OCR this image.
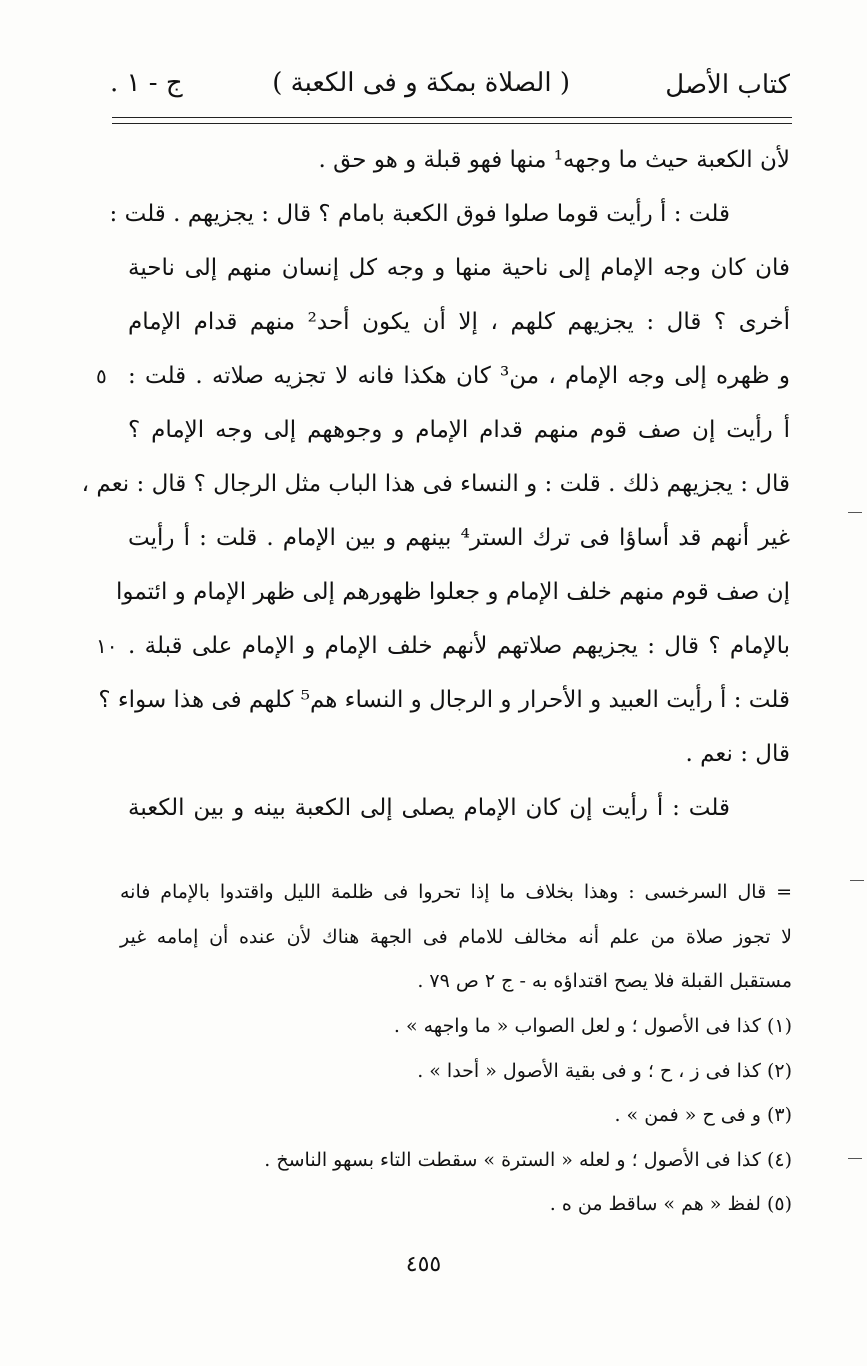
كتاب الأصل
( الصلاة بمكة و فى الكعبة )
ج - ١ .
لأن الكعبة حيث ما وجهه¹ منها فهو قبلة و هو حق .
قلت : أ رأيت قوما صلوا فوق الكعبة بامام ؟ قال : يجزيهم . قلت :
فان كان وجه الإمام إلى ناحية منها و وجه كل إنسان منهم إلى ناحية
أخرى ؟ قال : يجزيهم كلهم ، إلا أن يكون أحد² منهم قدام الإمام
و ظهره إلى وجه الإمام ، من³ كان هكذا فانه لا تجزيه صلاته . قلت :
٥
أ رأيت إن صف قوم منهم قدام الإمام و وجوههم إلى وجه الإمام ؟
قال : يجزيهم ذلك . قلت : و النساء فى هذا الباب مثل الرجال ؟ قال : نعم ،
غير أنهم قد أساؤا فى ترك الستر⁴ بينهم و بين الإمام . قلت : أ رأيت
إن صف قوم منهم خلف الإمام و جعلوا ظهورهم إلى ظهر الإمام و ائتموا
بالإمام ؟ قال : يجزيهم صلاتهم لأنهم خلف الإمام و الإمام على قبلة .
١٠
قلت : أ رأيت العبيد و الأحرار و الرجال و النساء هم⁵ كلهم فى هذا سواء ؟
قال : نعم .
قلت : أ رأيت إن كان الإمام يصلى إلى الكعبة بينه و بين الكعبة
= قال السرخسى : وهذا بخلاف ما إذا تحروا فى ظلمة الليل واقتدوا بالإمام فانه
لا تجوز صلاة من علم أنه مخالف للامام فى الجهة هناك لأن عنده أن إمامه غير
مستقبل القبلة فلا يصح اقتداؤه به - ج ٢ ص ٧٩ .
(١) كذا فى الأصول ؛ و لعل الصواب « ما واجهه » .
(٢) كذا فى ز ، ح ؛ و فى بقية الأصول « أحدا » .
(٣) و فى ح « فمن » .
(٤) كذا فى الأصول ؛ و لعله « السترة » سقطت التاء بسهو الناسخ .
(٥) لفظ « هم » ساقط من ه .
٤٥٥
